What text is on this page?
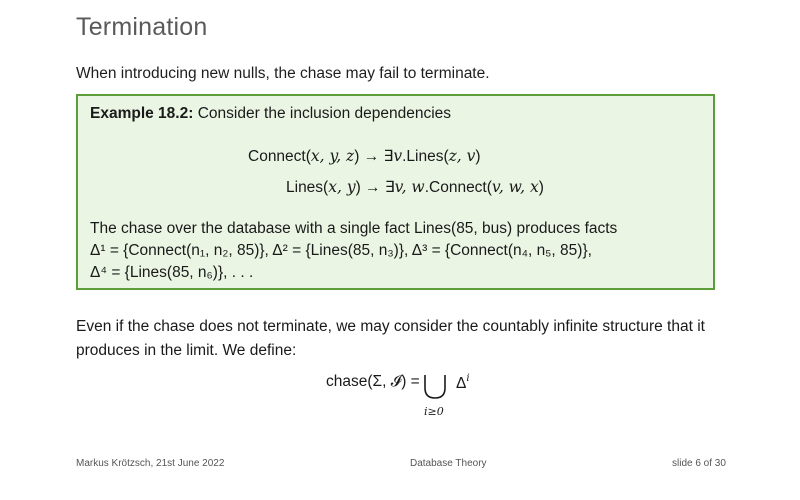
Termination
When introducing new nulls, the chase may fail to terminate.
Example 18.2: Consider the inclusion dependencies
Connect(x, y, z) → ∃v.Lines(z, v)
Lines(x, y) → ∃v, w.Connect(v, w, x)
The chase over the database with a single fact Lines(85, bus) produces facts
Δ¹ = {Connect(n₁, n₂, 85)}, Δ² = {Lines(85, n₃)}, Δ³ = {Connect(n₄, n₅, 85)},
Δ⁴ = {Lines(85, n₆)}, . . .
Even if the chase does not terminate, we may consider the countably infinite structure that it produces in the limit. We define:
chase(Σ, 𝓘) = $\Delta^i$
i≥0
Markus Krötzsch, 21st June 2022	Database Theory	slide 6 of 30
